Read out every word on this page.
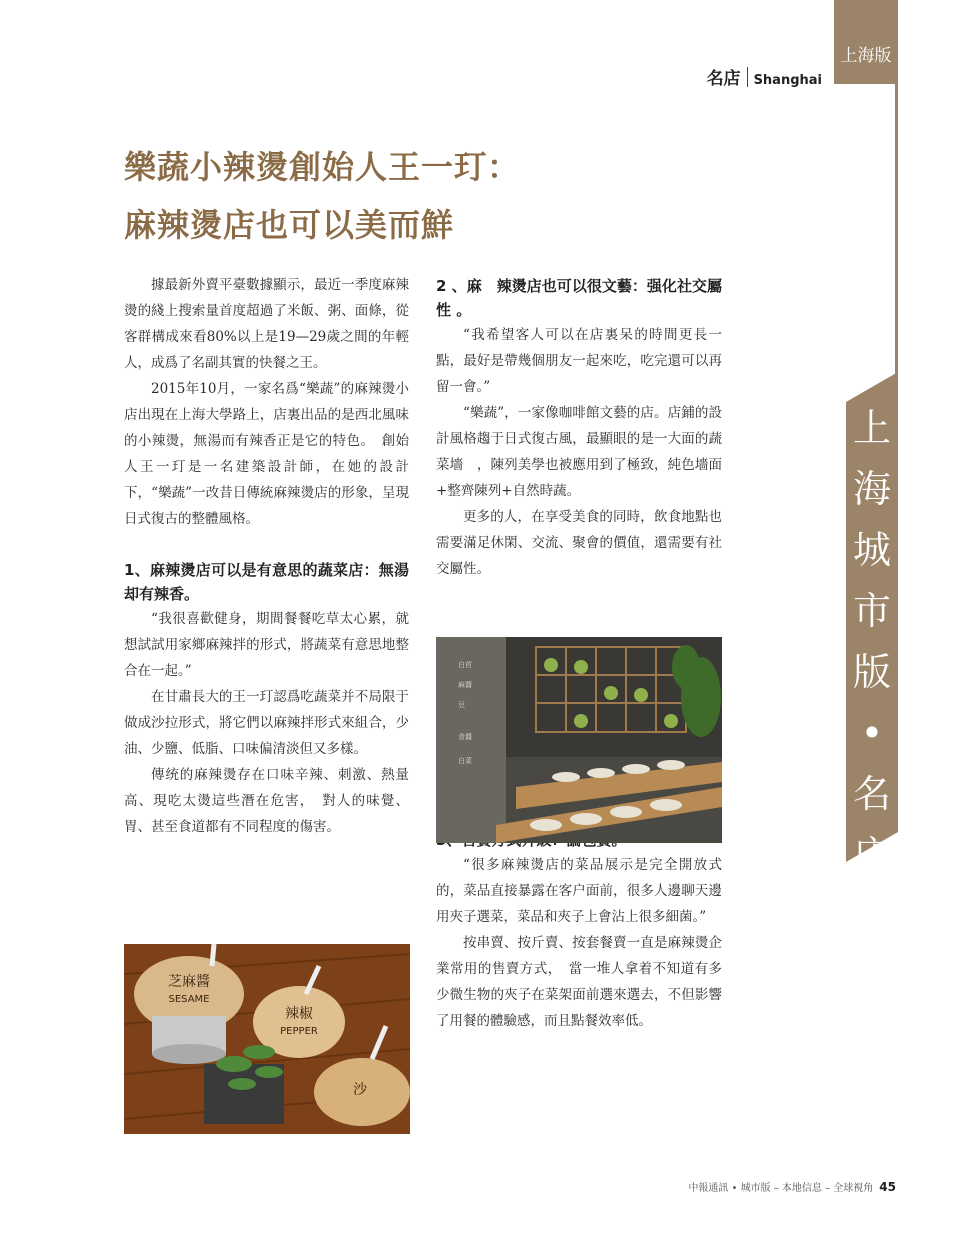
上海版
名店 Shanghai
樂蔬小辣燙創始人王一玎：
麻辣燙店也可以美而鮮
上
海
城
市
版
•
名
店

據最新外賣平臺數據顯示，最近一季度麻辣燙的綫上搜索量首度超過了米飯、粥、面條，從客群構成來看80%以上是19—29歲之間的年輕人，成爲了名副其實的快餐之王。

2015年10月，一家名爲“樂蔬”的麻辣燙小店出現在上海大學路上，店裏出品的是西北風味的小辣燙，無湯而有辣香正是它的特色。　創始人王一玎是一名建築設計師，在她的設計下，“樂蔬”一改昔日傳統麻辣燙店的形象，呈現日式復古的整體風格。

1、麻辣燙店可以是有意思的蔬菜店：無湯却有辣香。

“我很喜歡健身，期間餐餐吃草太心累，就想試試用家鄉麻辣拌的形式，將蔬菜有意思地整合在一起。”

在甘肅長大的王一玎認爲吃蔬菜并不局限于做成沙拉形式，將它們以麻辣拌形式來組合，少油、少鹽、低脂、口味偏清淡但又多樣。

傳统的麻辣燙存在口味辛辣、刺激、熱量高、現吃太燙這些潛在危害，　對人的味覺、胃、甚至食道都有不同程度的傷害。

芝麻醬
SESAME
辣椒
PEPPER
沙

2 、麻　辣燙店也可以很文藝：强化社交屬性 。

“我希望客人可以在店裏呆的時間更長一點，最好是帶幾個朋友一起來吃，吃完還可以再留一會。”

“樂蔬”，一家像咖啡館文藝的店。店鋪的設計風格趨于日式復古風，最顯眼的是一大面的蔬菜墻　，陳列美學也被應用到了極致，純色墻面 +整齊陳列+自然時蔬。

更多的人，在享受美食的同時，飲食地點也需要滿足休閑、交流、聚會的價值，還需要有社交屬性。

“很多麻辣燙店的菜品展示是完全開放式的，菜品直接暴露在客户面前，很多人邊聊天邊用夾子選菜，菜品和夾子上會沾上很多細菌。”

按串賣、按斤賣、按套餐賣一直是麻辣燙企業常用的售賣方式，　當一堆人拿着不知道有多少微生物的夾子在菜架面前選來選去，不但影響了用餐的體驗感，而且點餐效率低。

白苣
麻醬
豆
食醬
白菜
中報通訊 • 城市版 – 本地信息 – 全球視角 45
